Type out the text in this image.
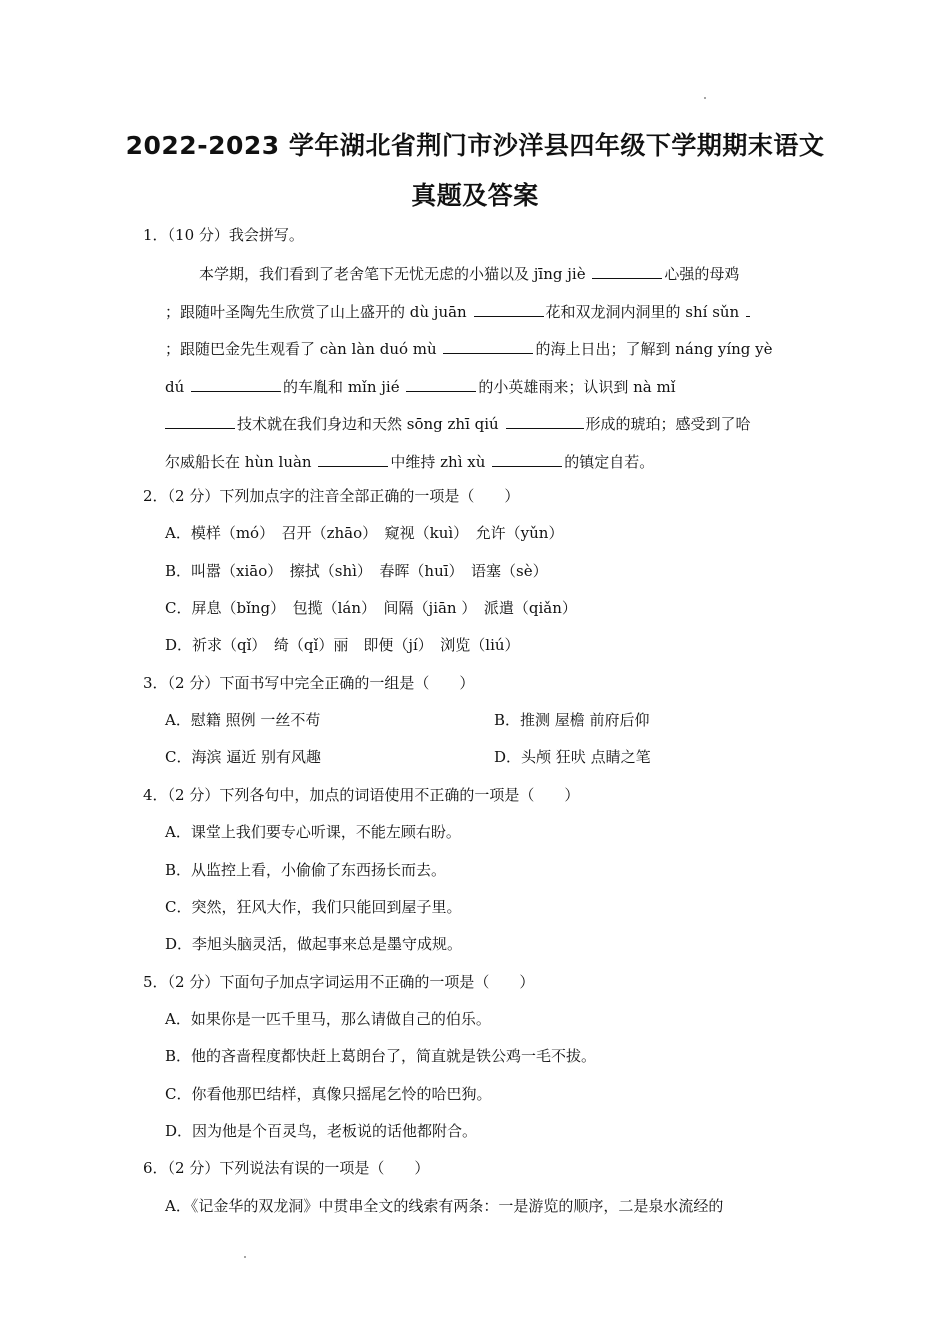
2022-2023 学年湖北省荆门市沙洋县四年级下学期期末语文
真题及答案
1．（10 分）我会拼写。
本学期，我们看到了老舍笔下无忧无虑的小猫以及 jīng jiè	心强的母鸡
；跟随叶圣陶先生欣赏了山上盛开的 dù juān	花和双龙洞内洞里的 shí sǔn
；跟随巴金先生观看了 càn làn duó mù	的海上日出；了解到 náng yíng yè
dú	的车胤和 mǐn jié	的小英雄雨来；认识到 nà mǐ
技术就在我们身边和天然 sōng zhī qiú	形成的琥珀；感受到了哈
尔威船长在 hùn luàn	中维持 zhì xù	的镇定自若。
2．（2 分）下列加点字的注音全部正确的一项是（　　）
A．模样（mó）　召开（zhāo）　窥视（kuì）　允许（yǔn）
B．叫嚣（xiāo）　擦拭（shì）　春晖（huī）　语塞（sè）
C．屏息（bǐng）　包揽（lán）　间隔（jiān ）　派遣（qiǎn）
D．祈求（qǐ）　绮（qǐ）丽　即便（jí）　浏览（liú）
3．（2 分）下面书写中完全正确的一组是（　　）
A．慰籍 照例 一丝不苟	B．推测 屋檐 前府后仰
C．海滨 逼近 别有风趣	D．头颅 狂吠 点睛之笔
4．（2 分）下列各句中，加点的词语使用不正确的一项是（　　）
A．课堂上我们要专心听课，不能左顾右盼。
B．从监控上看，小偷偷了东西扬长而去。
C．突然，狂风大作，我们只能回到屋子里。
D．李旭头脑灵活，做起事来总是墨守成规。
5．（2 分）下面句子加点字词运用不正确的一项是（　　）
A．如果你是一匹千里马，那么请做自己的伯乐。
B．他的吝啬程度都快赶上葛朗台了，简直就是铁公鸡一毛不拔。
C．你看他那巴结样，真像只摇尾乞怜的哈巴狗。
D．因为他是个百灵鸟，老板说的话他都附合。
6．（2 分）下列说法有误的一项是（　　）
A．《记金华的双龙洞》中贯串全文的线索有两条：一是游览的顺序，二是泉水流经的
